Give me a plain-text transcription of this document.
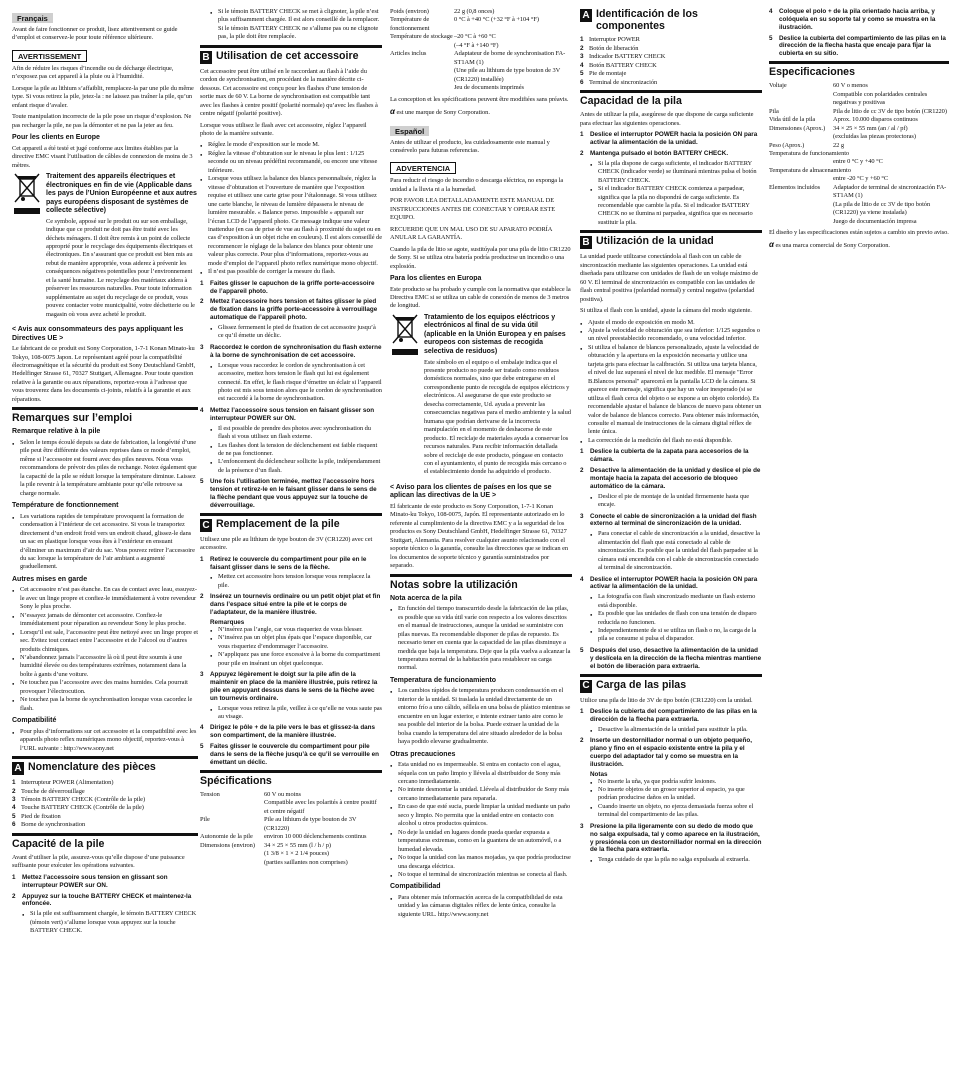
Français

Avant de faire fonctionner ce produit, lisez attentivement ce guide d’emploi et conservez-le pour toute référence ultérieure.

AVERTISSEMENT

Afin de réduire les risques d’incendie ou de décharge électrique, n’exposez pas cet appareil à la pluie ou à l’humidité.

Lorsque la pile au lithium s’affaiblit, remplacez-la par une pile du même type. Si vous retirez la pile, jetez-la : ne laissez pas traîner la pile, qu’un enfant risque d’avaler.

Toute manipulation incorrecte de la pile pose un risque d’explosion. Ne pas recharger la pile, ne pas la démonter et ne pas la jeter au feu.

Pour les clients en Europe

Cet appareil a été testé et jugé conforme aux limites établies par la directive EMC visant l’utilisation de câbles de connexion de moins de 3 mètres.

Traitement des appareils électriques et électroniques en fin de vie (Applicable dans les pays de l’Union Européenne et aux autres pays européens disposant de systèmes de collecte sélective)

Ce symbole, apposé sur le produit ou sur son emballage, indique que ce produit ne doit pas être traité avec les déchets ménagers. Il doit être remis à un point de collecte approprié pour le recyclage des équipements électriques et électroniques. En s’assurant que ce produit est bien mis au rebut de manière appropriée, vous aiderez à prévenir les conséquences négatives potentielles pour l’environnement et la santé humaine. Le recyclage des matériaux aidera à préserver les ressources naturelles. Pour toute information supplémentaire au sujet du recyclage de ce produit, vous pouvez contacter votre municipalité, votre déchetterie ou le magasin où vous avez acheté le produit.

< Avis aux consommateurs des pays appliquant les Directives UE >

Le fabricant de ce produit est Sony Corporation, 1-7-1 Konan Minato-ku Tokyo, 108-0075 Japon. Le représentant agréé pour la compatibilité électromagnétique et la sécurité du produit est Sony Deutschland GmbH, Hedelfinger Strasse 61, 70327 Stuttgart, Allemagne. Pour toute question relative à la garantie ou aux réparations, reportez-vous à l’adresse que vous trouverez dans les documents ci-joints, relatifs à la garantie et aux réparations.

Remarques sur l’emploi
Remarque relative à la pile
● Selon le temps écoulé depuis sa date de fabrication, la longévité d’une pile peut être différente des valeurs reprises dans ce mode d’emploi, même si l’accessoire est fourni avec des piles neuves. Nous vous recommandons de prévoir des piles de rechange. Notez également que la capacité de la pile se réduit lorsque la température diminue. Laissez la pile revenir à la température ambiante pour qu’elle retrouve sa charge normale.
Température de fonctionnement
● Les variations rapides de température provoquent la formation de condensation à l’intérieur de cet accessoire. Si vous le transportez directement d’un endroit froid vers un endroit chaud, glissez-le dans un sac en plastique lorsque vous êtes à l’extérieur en ensuant d’éliminer un maximum d’air du sac. Vous pouvez retirer l’accessoire du sac lorsque la température de l’air ambiant a augmenté graduellement.
Autres mises en garde
● Cet accessoire n’est pas étanche. En cas de contact avec leau, essuyez-le avec un linge propre et confiez-le immédiatement à votre revendeur Sony le plus proche.
● N’essayez jamais de démonter cet accessoire. Confiez-le immédiatement pour réparation au revendeur Sony le plus proche.
● Lorsqu’il est sale, l’accessoire peut être nettoyé avec un linge propre et sec. Évitez tout contact entre l’accessoire et de l’alcool ou d’autres produits chimiques.
● N’abandonnez jamais l’accessoire là où il peut être soumis à une humidité élevée ou des températures extrêmes, notamment dans la boîte à gants d’une voiture.
● Ne touchez pas l’accessoire avec des mains humides. Cela pourrait provoquer l’électrocution.
● Ne touchez pas la borne de synchronisation lorsque vous cacordez le flash.
Compatibilité
● Pour plus d’informations sur cet accessoire et la compatibilité avec les appareils photo reflex numériques mono objectif, reportez-vous à l’URL suivante : http://www.sony.net
A Nomenclature des pièces
1 Interrupteur POWER (Alimentation)
2 Touche de déverrouillage
3 Témoin BATTERY CHECK (Contrôle de la pile)
4 Touche BATTERY CHECK (Contrôle de la pile)
5 Pied de fixation
6 Borne de synchronisation
Capacité de la pile

Avant d’utiliser la pile, assurez-vous qu’elle dispose d’une puissance suffisante pour exécuter les opérations suivantes.

1	Mettez l’accessoire sous tension en glissant son interrupteur POWER sur ON.
2	Appuyez sur la touche BATTERY CHECK et maintenez-la enfoncée.
● Si la pile est suffisamment chargée, le témoin BATTERY CHECK (témoin vert) s’allume lorsque vous appuyez sur la touche BATTERY CHECK.
● Si le témoin BATTERY CHECK se met à clignoter, la pile n’est plus suffisamment chargée. Il est alors conseillé de la remplacer. Si le témoin BATTERY CHECK ne s’allume pas ou ne clignote pas, la pile doit être remplacée.
B Utilisation de cet accessoire

Cet accessoire peut être utilisé en le raccordant au flash à l’aide du cordon de synchronisation, en procédant de la manière décrite ci-dessous. Cet accessoire est conçu pour les flashes d’une tension de sortie max de 60 V. La borne de synchronisation est compatible tant avec les flashes à centre positif (polarité normale) qu’avec les flashes à centre négatif (polarité positive).

Lorsque vous utilisez le flash avec cet accessoire, réglez l’appareil photo de la manière suivante.

● Réglez le mode d’exposition sur le mode M.
● Réglez la vitesse d’obturation sur le niveau le plus lent : 1/125 seconde ou un niveau prédéfini recommandé, ou encore une vitesse inférieure.
● Lorsque vous utilisez la balance des blancs personnalisée, réglez la vitesse d’obturation et l’ouverture de manière que l’exposition requise et utilisez une carte grise pour l’étalonnage. Si vous utilisez une carte blanche, le niveau de lumière dépassera le niveau de lumière mesurable. « Balance perso. impossible » apparaît sur l’écran LCD de l’appareil photo. Ce message indique une valeur inattendue (en cas de prise de vue au flash à proximité du sujet ou en cas d’exposition à un objet riche en couleurs). Il est alors conseillé de recommencer le réglage de la balance des blancs pour obtenir une valeur plus correcte. Pour plus d’informations, reportez-vous au mode d’emploi de l’appareil photo reflex numérique mono objectif.
● Il n’est pas possible de corriger la mesure du flash.
1	Faites glisser le capuchon de la griffe porte-accessoire de l’appareil photo.
2	Mettez l’accessoire hors tension et faites glisser le pied de fixation dans la griffe porte-accessoire à verrouillage automatique de l’appareil photo.
● Glissez fermement le pied de fixation de cet accessoire jusqu’à ce qu’il émette un déclic.
3	Raccordez le cordon de synchronisation du flash externe à la borne de synchronisation de cet accessoire.
● Lorsque vous raccordez le cordon de synchronisation à cet accessoire, mettez hors tension le flash qui lui est également connecté. En effet, le flash risque d’émettre un éclair si l’appareil photo est mis sous tension alors que le cordon de synchronisation est raccordé à la borne de synchronisation.
4	Mettez l’accessoire sous tension en faisant glisser son interrupteur POWER sur ON.
● Il est possible de prendre des photos avec synchronisation du flash si vous utilisez un flash externe.
● Les flashes dont la tension de déclenchement est faible risquent de ne pas fonctionner.
● L’enfoncement du déclencheur sollicite la pile, indépendamment de la présence d’un flash.
5	Une fois l’utilisation terminée, mettez l’accessoire hors tension et retirez-le en le faisant glisser dans le sens de la flèche pendant que vous appuyez sur la touche de déverrouillage.
C Remplacement de la pile

Utilisez une pile au lithium de type bouton de 3V (CR1220) avec cet accessoire.

1	Retirez le couvercle du compartiment pour pile en le faisant glisser dans le sens de la flèche.
● Mettez cet accessoire hors tension lorsque vous remplacez la pile.
2	Insérez un tournevis ordinaire ou un petit objet plat et fin dans l’espace situé entre la pile et le corps de l’adaptateur, de la manière illustrée.
Remarques
● N’insérez pas l’angle, car vous risqueriez de vous blesser.
● N’insérez pas un objet plus épais que l’espace disponible, car vous risqueriez d’endommager l’accessoire.
● N’appliquez pas une force excessive à la borne du compartiment pour pile en insérant un objet quelconque.
3	Appuyez légèrement le doigt sur la pile afin de la maintenir en place de la manière illustrée, puis retirez la pile en appuyant dessus dans le sens de la flèche avec un tournevis ordinaire.
● Lorsque vous retirez la pile, veillez à ce qu’elle ne vous saute pas au visage.
4	Dirigez le pôle + de la pile vers le bas et glissez-la dans son compartiment, de la manière illustrée.
5	Faites glisser le couvercle du compartiment pour pile dans le sens de la flèche jusqu’à ce qu’il se verrouille en émettant un déclic.
Spécifications
Tension	60 V ou moins
Compatible avec les polarités à centre positif et centre négatif
Pile	Pile au lithium de type bouton de 3V (CR1220)
Autonomie de la pile	environ 10 000 déclenchements continus
Dimensions (environ)	34 × 25 × 55 mm (l / h / p)
(1 3/8 × 1 × 2 1/4 pouces)
(parties saillantes non comprises)
Poids (environ)	22 g (0,8 onces)
Température de fonctionnement	0 °C à +40 °C (+32 °F à +104 °F)
Température de stockage	–20 °C à +60 °C
(–4 °F à +140 °F)
Articles inclus	Adaptateur de borne de synchronisation FA-ST1AM (1)
(Une pile au lithium de type bouton de 3V (CR1220) installée)
Jeu de documents imprimés

La conception et les spécifications peuvent être modifiées sans préavis.

α est une marque de Sony Corporation.

Español

Antes de utilizar el producto, lea cuidadosamente este manual y consérvelo para futuras referencias.

ADVERTENCIA

Para reducir el riesgo de incendio o descarga eléctrica, no exponga la unidad a la lluvia ni a la humedad.

POR FAVOR LEA DETALLADAMENTE ESTE MANUAL DE INSTRUCCIONES ANTES DE CONECTAR Y OPERAR ESTE EQUIPO.

RECUERDE QUE UN MAL USO DE SU APARATO PODRÍA ANULAR LA GARANTÍA.

Cuando la pila de litio se agote, sustitúyala por una pila de litio CR1220 de Sony. Si se utiliza otra batería podría producirse un incendio o una explosión.

Para los clientes en Europa

Este producto se ha probado y cumple con la normativa que establece la Directiva EMC si se utiliza un cable de conexión de menos de 3 metros de longitud.

Tratamiento de los equipos eléctricos y electrónicos al final de su vida útil (aplicable en la Unión Europea y en países europeos con sistemas de recogida selectiva de residuos)

Este símbolo en el equipo o el embalaje indica que el presente producto no puede ser tratado como residuos domésticos normales, sino que debe entregarse en el correspondiente punto de recogida de equipos eléctricos y electrónicos. Al asegurarse de que este producto se desecha correctamente, Ud. ayuda a prevenir las consecuencias negativas para el medio ambiente y la salud humana que podrían derivarse de la incorrecta manipulación en el momento de deshacerse de este producto. El reciclaje de materiales ayuda a conservar los recursos naturales. Para recibir información detallada sobre el reciclaje de este producto, póngase en contacto con el ayuntamiento, el punto de recogida más cercano o el establecimiento donde ha adquirido el producto.

< Aviso para los clientes de países en los que se aplican las directivas de la UE >

El fabricante de este producto es Sony Corporation, 1-7-1 Konan Minato-ku Tokyo, 108-0075, Japón. El representante autorizado en lo referente al cumplimiento de la directiva EMC y a la seguridad de los productos es Sony Deutschland GmbH, Hedelfinger Strasse 61, 70327 Stuttgart, Alemania. Para resolver cualquier asunto relacionado con el soporte técnico o la garantía, consulte las direcciones que se indican en los documentos de soporte técnico y garantía suministrados por separado.

Notas sobre la utilización
Nota acerca de la pila
● En función del tiempo transcurrido desde la fabricación de las pilas, es posible que su vida útil varíe con respecto a los valores descritos en el manual de instrucciones, aunque la unidad se suministre con pilas nuevas. Es recomendable disponer de pilas de repuesto. Es necesario tener en cuenta que la capacidad de las pilas disminuye a medida que baja la temperatura. Deje que la pila vuelva a alcanzar la temperatura normal de la habitación para restablecer su carga normal.
Temperatura de funcionamiento
● Los cambios rápidos de temperatura producen condensación en el interior de la unidad. Si traslada la unidad directamente de un entorno frío a uno cálido, séllela en una bolsa de plástico mientras se encuentre en un lugar exterior, e intente extraer tanto aire como le sea posible del interior de la bolsa. Puede extraer la unidad de la bolsa cuando la temperatura del aire situado alrededor de la bolsa haya podido elevarse gradualmente.
Otras precauciones
● Esta unidad no es impermeable. Si entra en contacto con el agua, séquela con un paño limpio y llévela al distribuidor de Sony más cercano inmediatamente.
● No intente desmontar la unidad. Llévela al distribuidor de Sony más cercano inmediatamente para repararla.
● En caso de que esté sucia, puede limpiar la unidad mediante un paño seco y limpio. No permita que la unidad entre en contacto con alcohol u otros productos químicos.
● No deje la unidad en lugares donde pueda quedar expuesta a temperaturas extremas, como en la guantera de un automóvil, o a humedad elevada.
● No toque la unidad con las manos mojadas, ya que podría producirse una descarga eléctrica.
● No toque el terminal de sincronización mientras se conecta al flash.
Compatibilidad
● Para obtener más información acerca de la compatibilidad de esta unidad y las cámaras digitales réflex de lente única, consulte la siguiente URL. http://www.sony.net
A Identificación de los componentes
1 Interruptor POWER
2 Botón de liberación
3 Indicador BATTERY CHECK
4 Botón BATTERY CHECK
5 Pie de montaje
6 Terminal de sincronización
Capacidad de la pila

Antes de utilizar la pila, asegúrese de que dispone de carga suficiente para efectuar las siguientes operaciones.

1	Deslice el interruptor POWER hacia la posición ON para activar la alimentación de la unidad.
2	Mantenga pulsado el botón BATTERY CHECK.
● Si la pila dispone de carga suficiente, el indicador BATTERY CHECK (indicador verde) se iluminará mientras pulsa el botón BATTERY CHECK.
● Si el indicador BATTERY CHECK comienza a parpadear, significa que la pila no dispondrá de carga suficiente. Es recomendable que cambie la pila. Si el indicador BATTERY CHECK no se ilumina ni parpadea, significa que es necesario sustituir la pila.
B Utilización de la unidad

La unidad puede utilizarse conectándola al flash con un cable de sincronización mediante las siguientes operaciones. La unidad está diseñada para utilizarse con unidades de flash de un voltaje máximo de 60 V. El terminal de sincronización es compatible con las unidades de flash central positiva (polaridad normal) y central negativa (polaridad positiva).

Si utiliza el flash con la unidad, ajuste la cámara del modo siguiente.

● Ajuste el modo de exposición en modo M.
● Ajuste la velocidad de obturación que sea inferior: 1/125 segundos o un nivel preestablecido recomendado, o una velocidad inferior.
● Si utiliza el balance de blancos personalizado, ajuste la velocidad de obturación y la apertura en la exposición necesaria y utilice una tarjeta gris para efectuar la calibración. Si utiliza una tarjeta blanca, el nivel de luz superará el nivel de luz medible. El mensaje "Error B.Blancos personal" aparecerá en la pantalla LCD de la cámara. Si aparece este mensaje, significa que hay un valor inesperado (si se utiliza el flash cerca del objeto o se expone a un objeto colorido). Es recomendable ajustar el balance de blancos de nuevo para obtener un valor de balance de blancos correcto. Para obtener más información, consulte el manual de instrucciones de la cámara digital réflex de lente única.
● La corrección de la medición del flash no está disponible.
1	Deslice la cubierta de la zapata para accesorios de la cámara.
2	Desactive la alimentación de la unidad y deslice el pie de montaje hacia la zapata del accesorio de bloqueo automático de la cámara.
● Deslice el pie de montaje de la unidad firmemente hasta que encaje.
3	Conecte el cable de sincronización a la unidad del flash externo al terminal de sincronización de la unidad.
● Para conectar el cable de sincronización a la unidad, desactive la alimentación del flash que está conectado al cable de sincronización. Es posible que la unidad del flash parpadee si la cámara está encendida con el cable de sincronización conectado al terminal de sincronización.
4	Deslice el interruptor POWER hacia la posición ON para activar la alimentación de la unidad.
● La fotografía con flash sincronizado mediante un flash externo está disponible.
● Es posible que las unidades de flash con una tensión de disparo reducida no funcionen.
● Independientemente de si se utiliza un flash o no, la carga de la pila se consume si pulsa el disparador.
5	Después del uso, desactive la alimentación de la unidad y deslícela en la dirección de la flecha mientras mantiene el botón de liberación para extraerla.
C Carga de las pilas

Utilice una pila de litio de 3V de tipo botón (CR1220) con la unidad.

1	Deslice la cubierta del compartimiento de las pilas en la dirección de la flecha para extraerla.
● Desactive la alimentación de la unidad para sustituir la pila.
2	Inserte un destornillador normal o un objeto pequeño, plano y fino en el espacio existente entre la pila y el cuerpo del adaptador tal y como se muestra en la ilustración.
Notas
● No inserte la uña, ya que podría sufrir lesiones.
● No inserte objetos de un grosor superior al espacio, ya que podrían producirse daños en la unidad.
● Cuando inserte un objeto, no ejerza demasiada fuerza sobre el terminal del compartimento de las pilas.
3	Presione la pila ligeramente con su dedo de modo que no salga expulsada, tal y como aparece en la ilustración, y presiónela con un destornillador normal en la dirección de la flecha para extraerla.
● Tenga cuidado de que la pila no salga expulsada al extraerla.
4	Coloque el polo + de la pila orientado hacia arriba, y colóquela en su soporte tal y como se muestra en la ilustración.
5	Deslice la cubierta del compartimiento de las pilas en la dirección de la flecha hasta que encaje para fijar la cubierta en su sitio.
Especificaciones
Voltaje	60 V o menos
Compatible con polaridades centrales negativas y positivas
Pila	Pila de litio de cc 3V de tipo botón (CR1220)
Vida útil de la pila	Aprox. 10.000 disparos continuos
Dimensiones (Aprox.)	34 × 25 × 55 mm (an / al / pf)
(excluidas las piezas protectoras)
Peso (Aprox.)	22 g
Temperatura de funcionamiento	
	entre 0 °C y +40 °C
Temperatura de almacenamiento	
	entre -20 °C y +60 °C
Elementos incluidos	Adaptador de terminal de sincronización FA-ST1AM (1)
(La pila de litio de cc 3V de tipo botón (CR1220) ya viene instalada)
Juego de documentación impresa

El diseño y las especificaciones están sujetos a cambio sin previo aviso.

α es una marca comercial de Sony Corporation.
